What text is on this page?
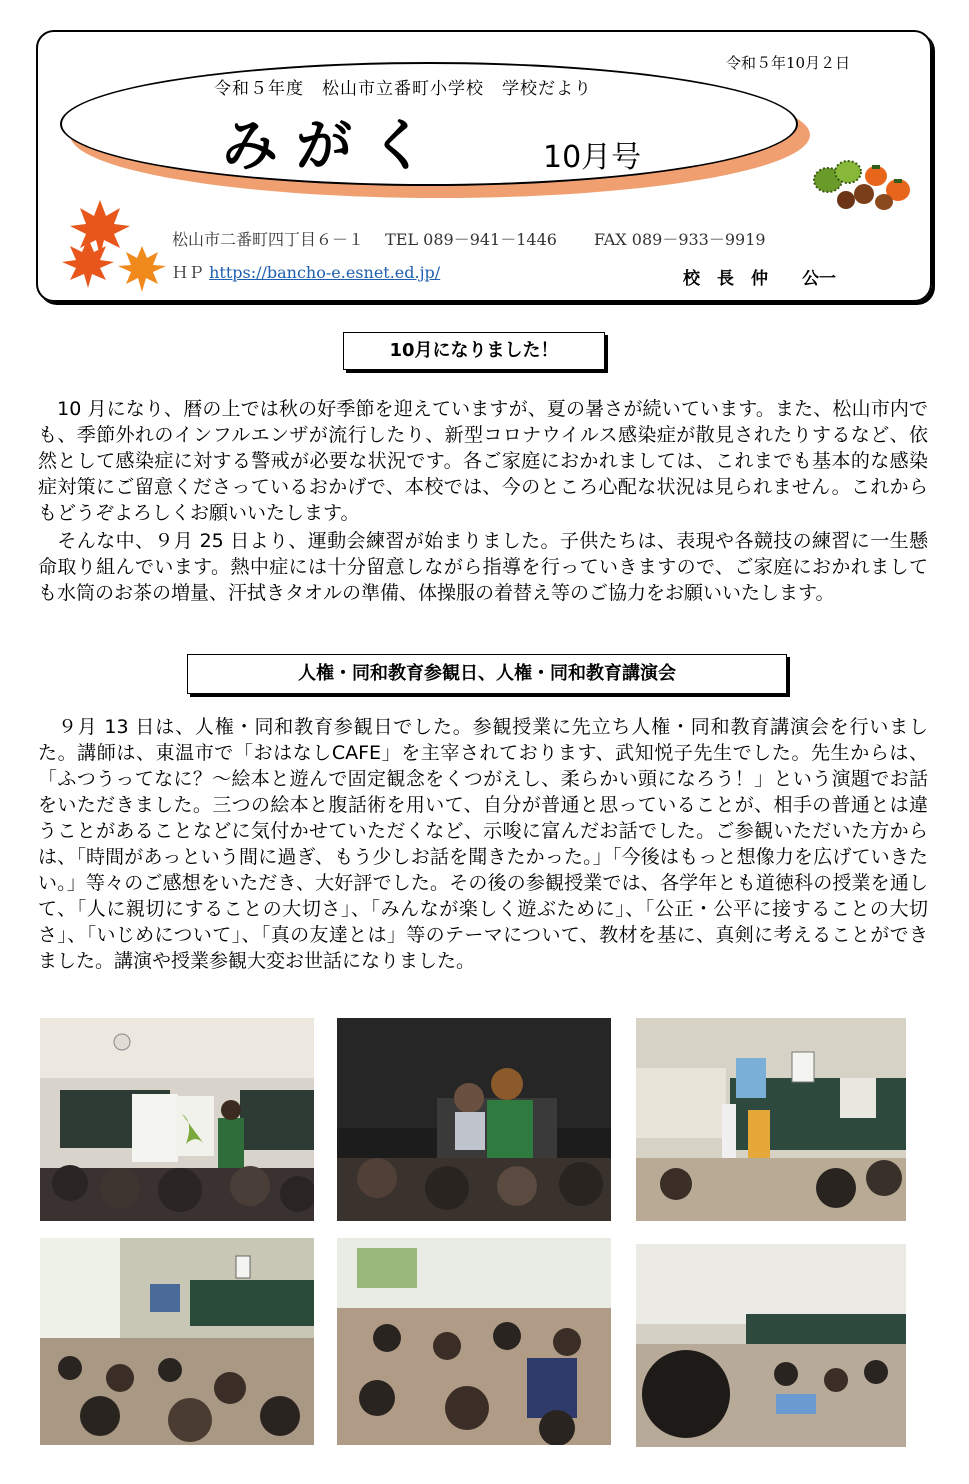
令和５年10月２日
令和５年度　松山市立番町小学校　学校だより
みがく	10月号
松山市二番町四丁目６－１　 TEL 089－941－1446　　 FAX 089－933－9919
ＨＰ https://bancho-e.esnet.ed.jp/	校　長　仲　　公一
10月になりました！
　10 月になり、暦の上では秋の好季節を迎えていますが、夏の暑さが続いています。また、松山市内でも、季節外れのインフルエンザが流行したり、新型コロナウイルス感染症が散見されたりするなど、依然として感染症に対する警戒が必要な状況です。各ご家庭におかれましては、これまでも基本的な感染症対策にご留意くださっているおかげで、本校では、今のところ心配な状況は見られません。これからもどうぞよろしくお願いいたします。
　そんな中、９月 25 日より、運動会練習が始まりました。子供たちは、表現や各競技の練習に一生懸命取り組んでいます。熱中症には十分留意しながら指導を行っていきますので、ご家庭におかれましても水筒のお茶の増量、汗拭きタオルの準備、体操服の着替え等のご協力をお願いいたします。
人権・同和教育参観日、人権・同和教育講演会
　９月 13 日は、人権・同和教育参観日でした。参観授業に先立ち人権・同和教育講演会を行いました。講師は、東温市で「おはなしCAFE」を主宰されております、武知悦子先生でした。先生からは、「ふつうってなに？～絵本と遊んで固定観念をくつがえし、柔らかい頭になろう！」という演題でお話をいただきました。三つの絵本と腹話術を用いて、自分が普通と思っていることが、相手の普通とは違うことがあることなどに気付かせていただくなど、示唆に富んだお話でした。ご参観いただいた方からは、「時間があっという間に過ぎ、もう少しお話を聞きたかった。」「今後はもっと想像力を広げていきたい。」等々のご感想をいただき、大好評でした。その後の参観授業では、各学年とも道徳科の授業を通して、「人に親切にすることの大切さ」、「みんなが楽しく遊ぶために」、「公正・公平に接することの大切さ」、「いじめについて」、「真の友達とは」等のテーマについて、教材を基に、真剣に考えることができました。講演や授業参観大変お世話になりました。
